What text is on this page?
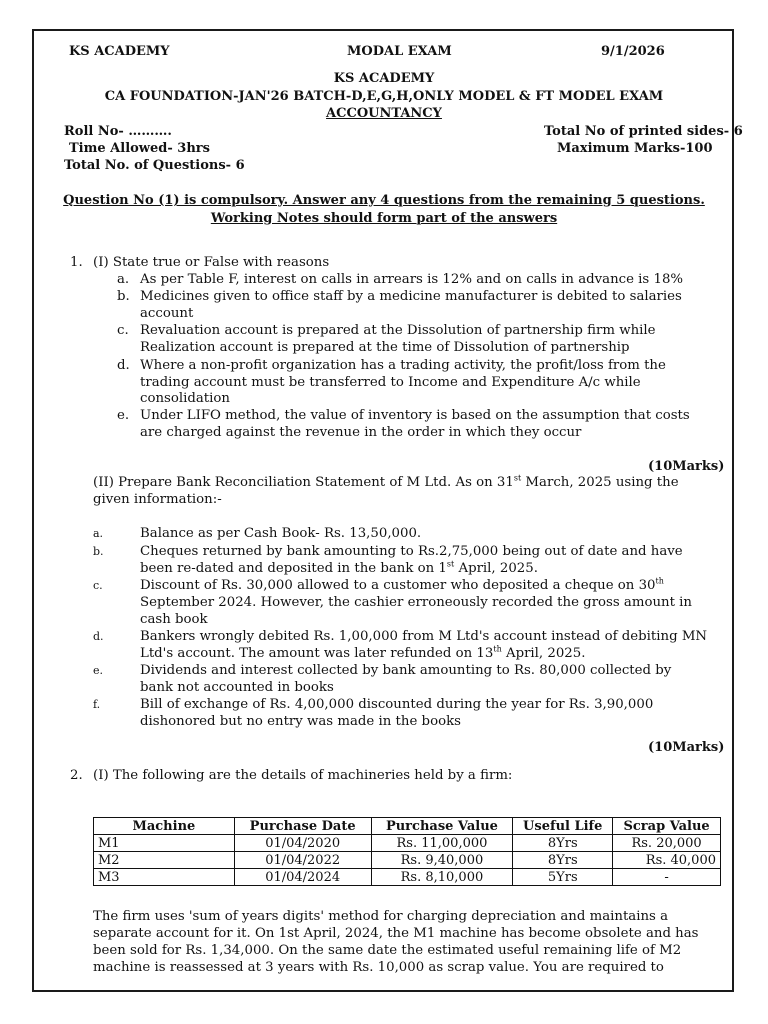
KS ACADEMY	MODAL EXAM	9/1/2026
KS ACADEMY
CA FOUNDATION-JAN'26 BATCH-D,E,G,H,ONLY MODEL & FT MODEL EXAM
ACCOUNTANCY
Roll No- ……….
Time Allowed- 3hrs
Total No. of Questions- 6
Total No of printed sides- 6
Maximum Marks-100
Question No (1) is compulsory. Answer any 4 questions from the remaining 5 questions.
Working Notes should form part of the answers
1. (I) State true or False with reasons
a. As per Table F, interest on calls in arrears is 12% and on calls in advance is 18%
b. Medicines given to office staff by a medicine manufacturer is debited to salaries
account
c. Revaluation account is prepared at the Dissolution of partnership firm while
Realization account is prepared at the time of Dissolution of partnership
d. Where a non-profit organization has a trading activity, the profit/loss from the
trading account must be transferred to Income and Expenditure A/c while
consolidation
e. Under LIFO method, the value of inventory is based on the assumption that costs
are charged against the revenue in the order in which they occur
(10Marks)
(II) Prepare Bank Reconciliation Statement of M Ltd. As on 31st March, 2025 using the
given information:-
a.	Balance as per Cash Book- Rs. 13,50,000.
b.	Cheques returned by bank amounting to Rs.2,75,000 being out of date and have
been re-dated and deposited in the bank on 1st April, 2025.
c.	Discount of Rs. 30,000 allowed to a customer who deposited a cheque on 30th
September 2024. However, the cashier erroneously recorded the gross amount in
cash book
d.	Bankers wrongly debited Rs. 1,00,000 from M Ltd's account instead of debiting MN
Ltd's account. The amount was later refunded on 13th April, 2025.
e.	Dividends and interest collected by bank amounting to Rs. 80,000 collected by
bank not accounted in books
f.	Bill of exchange of Rs. 4,00,000 discounted during the year for Rs. 3,90,000
dishonored but no entry was made in the books
(10Marks)
2. (I) The following are the details of machineries held by a firm:
Machine	Purchase Date	Purchase Value	Useful Life	Scrap Value
M1	01/04/2020	Rs. 11,00,000	8Yrs	Rs. 20,000
M2	01/04/2022	Rs. 9,40,000	8Yrs	Rs. 40,000
M3	01/04/2024	Rs. 8,10,000	5Yrs	-
The firm uses 'sum of years digits' method for charging depreciation and maintains a
separate account for it. On 1st April, 2024, the M1 machine has become obsolete and has
been sold for Rs. 1,34,000. On the same date the estimated useful remaining life of M2
machine is reassessed at 3 years with Rs. 10,000 as scrap value. You are required to
